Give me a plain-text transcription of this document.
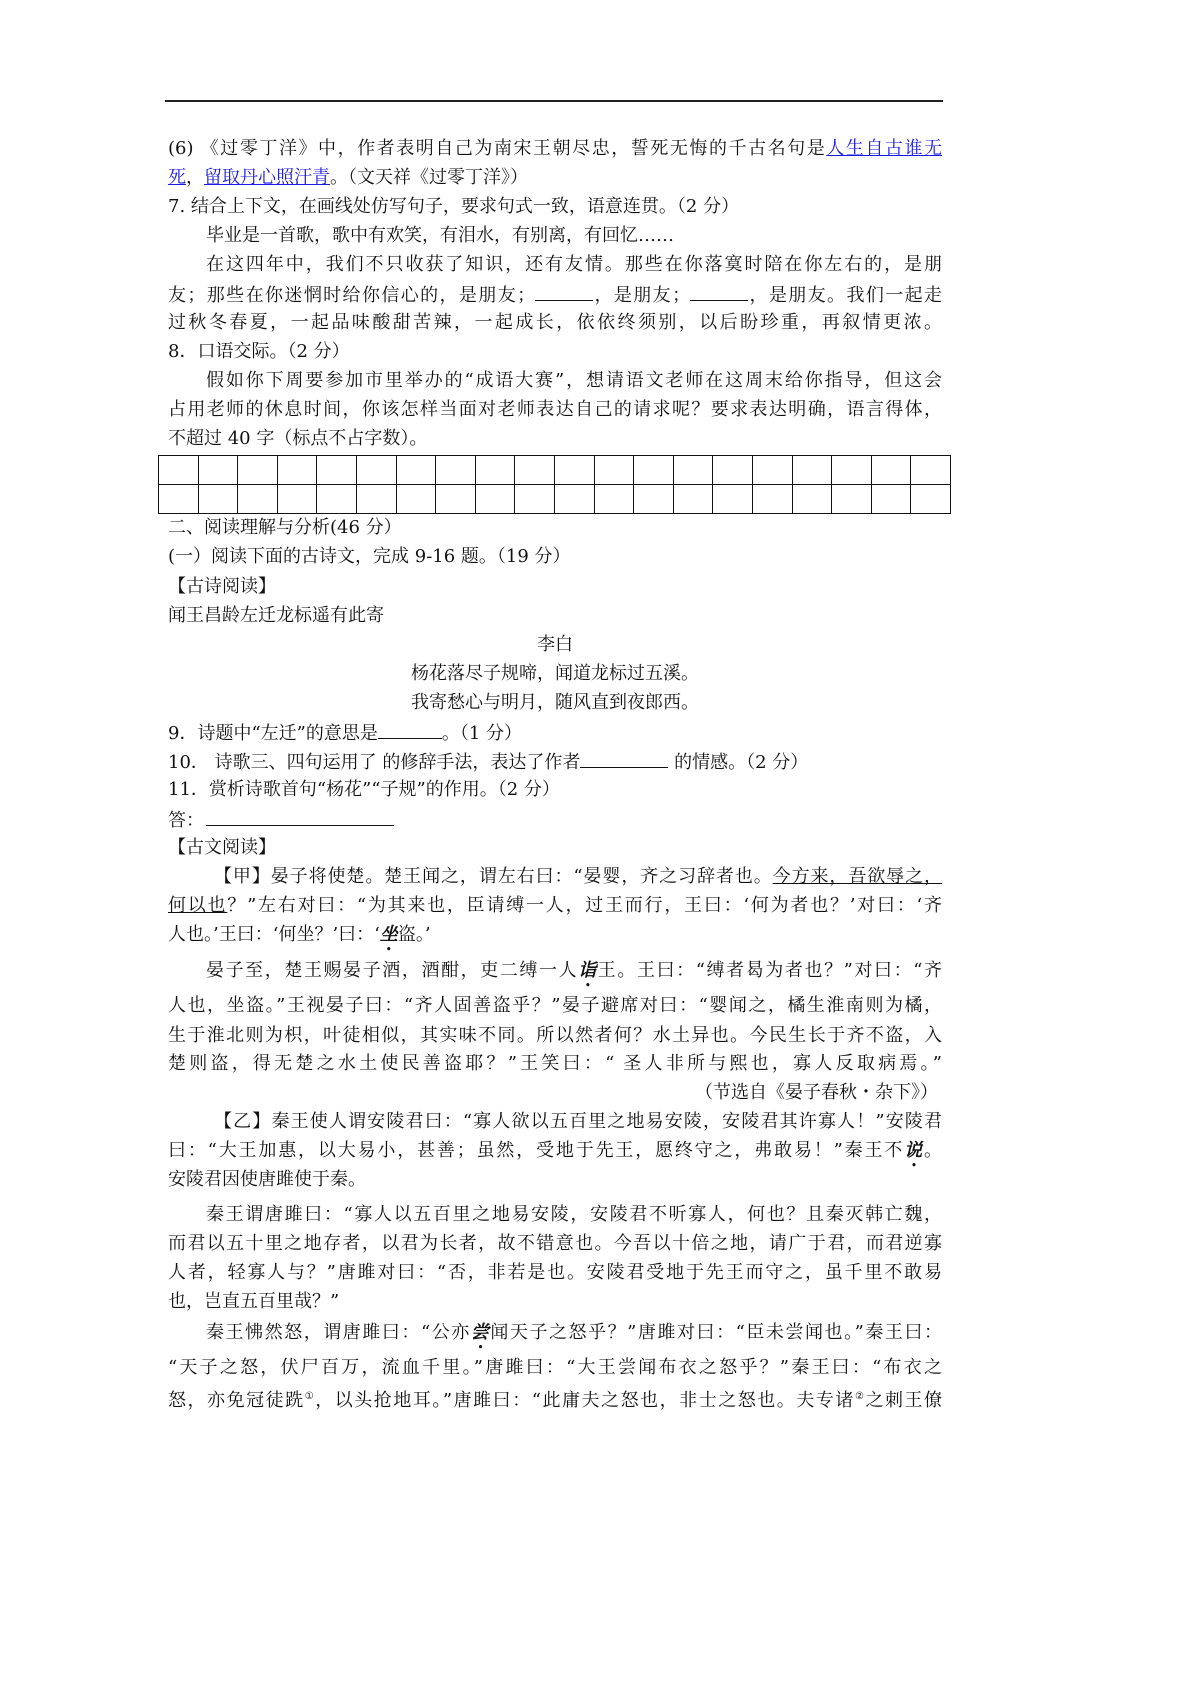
(6) 《过零丁洋》中，作者表明自己为南宋王朝尽忠，誓死无悔的千古名句是人生自古谁无
死，留取丹心照汗青。（文天祥《过零丁洋》）
7. 结合上下文，在画线处仿写句子，要求句式一致，语意连贯。（2 分）
毕业是一首歌，歌中有欢笑，有泪水，有别离，有回忆……
在这四年中，我们不只收获了知识，还有友情。那些在你落寞时陪在你左右的，是朋
友；那些在你迷惘时给你信心的，是朋友；	，是朋友；	，是朋友。我们一起走
过秋冬春夏，一起品味酸甜苦辣，一起成长，依依终须别，以后盼珍重，再叙情更浓。
8．口语交际。（2 分）
假如你下周要参加市里举办的“成语大赛”，想请语文老师在这周末给你指导，但这会
占用老师的休息时间，你该怎样当面对老师表达自己的请求呢？要求表达明确，语言得体，
不超过 40 字（标点不占字数）。
二、阅读理解与分析(46 分）
(一）阅读下面的古诗文，完成 9-16 题。（19 分）
【古诗阅读】
闻王昌龄左迁龙标遥有此寄
李白
杨花落尽子规啼，闻道龙标过五溪。
我寄愁心与明月，随风直到夜郎西。
9．诗题中“左迁”的意思是	。（1 分）
10． 诗歌三、四句运用了 的修辞手法，表达了作者	的情感。（2 分）
11．赏析诗歌首句“杨花”“子规”的作用。（2 分）
答：
【古文阅读】
【甲】晏子将使楚。楚王闻之，谓左右曰：“晏婴，齐之习辞者也。今方来，吾欲辱之，
何以也？”左右对曰：“为其来也，臣请缚一人，过王而行，王曰：‘何为者也？’对曰：‘齐
人也。’王曰：‘何坐？’曰：‘坐盗。’
晏子至，楚王赐晏子酒，酒酣，吏二缚一人诣王。王曰：“缚者曷为者也？”对曰：“齐
人也，坐盗。”王视晏子曰：“齐人固善盗乎？”晏子避席对曰：“婴闻之，橘生淮南则为橘，
生于淮北则为枳，叶徒相似，其实味不同。所以然者何？水土异也。今民生长于齐不盗，入
楚则盗，得无楚之水土使民善盗耶？”王笑曰：“ 圣人非所与熙也，寡人反取病焉。”
（节选自《晏子春秋・杂下》）
【乙】秦王使人谓安陵君曰：“寡人欲以五百里之地易安陵，安陵君其许寡人！”安陵君
曰：“大王加惠，以大易小，甚善；虽然，受地于先王，愿终守之，弗敢易！”秦王不说。
安陵君因使唐雎使于秦。
秦王谓唐雎曰：“寡人以五百里之地易安陵，安陵君不听寡人，何也？且秦灭韩亡魏，
而君以五十里之地存者，以君为长者，故不错意也。今吾以十倍之地，请广于君，而君逆寡
人者，轻寡人与？”唐雎对曰：“否，非若是也。安陵君受地于先王而守之，虽千里不敢易
也，岂直五百里哉？”
秦王怫然怒，谓唐雎曰：“公亦尝闻天子之怒乎？”唐雎对曰：“臣未尝闻也。”秦王曰：
“天子之怒，伏尸百万，流血千里。”唐雎曰：“大王尝闻布衣之怒乎？”秦王曰：“布衣之
怒，亦免冠徒跣①，以头抢地耳。”唐雎曰：“此庸夫之怒也，非士之怒也。夫专诸②之刺王僚
